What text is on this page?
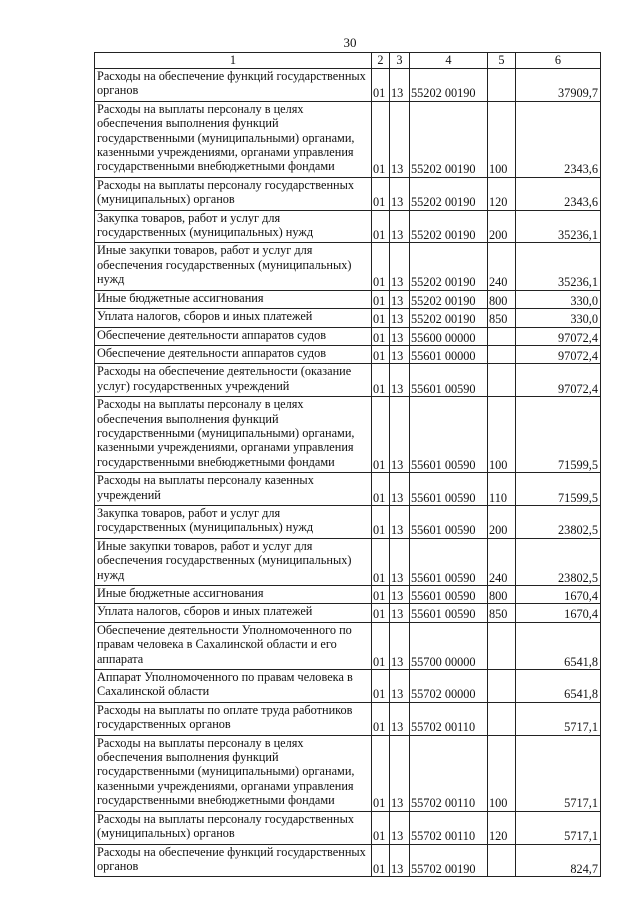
30
1	2	3	4	5	6
Расходы на обеспечение функций государственных органов	01	13	55202 00190		37909,7
Расходы на выплаты персоналу в целях обеспечения выполнения функций государственными (муниципальными) органами, казенными учреждениями, органами управления государственными внебюджетными фондами	01	13	55202 00190	100	2343,6
Расходы на выплаты персоналу государственных (муниципальных) органов	01	13	55202 00190	120	2343,6
Закупка товаров, работ и услуг для государственных (муниципальных) нужд	01	13	55202 00190	200	35236,1
Иные закупки товаров, работ и услуг для обеспечения государственных (муниципальных) нужд	01	13	55202 00190	240	35236,1
Иные бюджетные ассигнования	01	13	55202 00190	800	330,0
Уплата налогов, сборов и иных платежей	01	13	55202 00190	850	330,0
Обеспечение деятельности аппаратов судов	01	13	55600 00000		97072,4
Обеспечение деятельности аппаратов судов	01	13	55601 00000		97072,4
Расходы на обеспечение деятельности (оказание услуг) государственных учреждений	01	13	55601 00590		97072,4
Расходы на выплаты персоналу в целях обеспечения выполнения функций государственными (муниципальными) органами, казенными учреждениями, органами управления государственными внебюджетными фондами	01	13	55601 00590	100	71599,5
Расходы на выплаты персоналу казенных учреждений	01	13	55601 00590	110	71599,5
Закупка товаров, работ и услуг для государственных (муниципальных) нужд	01	13	55601 00590	200	23802,5
Иные закупки товаров, работ и услуг для обеспечения государственных (муниципальных) нужд	01	13	55601 00590	240	23802,5
Иные бюджетные ассигнования	01	13	55601 00590	800	1670,4
Уплата налогов, сборов и иных платежей	01	13	55601 00590	850	1670,4
Обеспечение деятельности Уполномоченного по правам человека в Сахалинской области и его аппарата	01	13	55700 00000		6541,8
Аппарат Уполномоченного по правам человека в Сахалинской области	01	13	55702 00000		6541,8
Расходы на выплаты по оплате труда работников государственных органов	01	13	55702 00110		5717,1
Расходы на выплаты персоналу в целях обеспечения выполнения функций государственными (муниципальными) органами, казенными учреждениями, органами управления государственными внебюджетными фондами	01	13	55702 00110	100	5717,1
Расходы на выплаты персоналу государственных (муниципальных) органов	01	13	55702 00110	120	5717,1
Расходы на обеспечение функций государственных органов	01	13	55702 00190		824,7
